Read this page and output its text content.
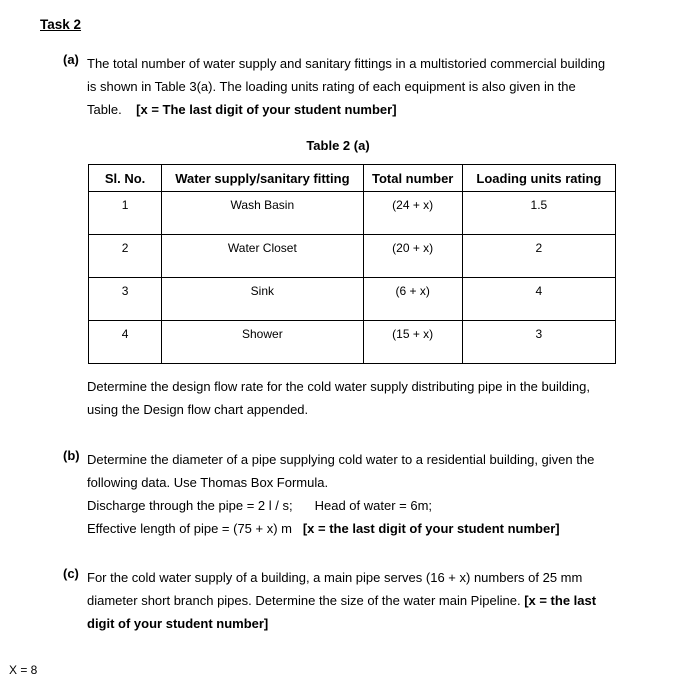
Task 2
(a) The total number of water supply and sanitary fittings in a multistoried commercial building
is shown in Table 3(a). The loading units rating of each equipment is also given in the
Table. [x = The last digit of your student number]
Table 2 (a)
Sl. No.	Water supply/sanitary fitting	Total number	Loading units rating
1	Wash Basin	(24 + x)	1.5
2	Water Closet	(20 + x)	2
3	Sink	(6 + x)	4
4	Shower	(15 + x)	3
Determine the design flow rate for the cold water supply distributing pipe in the building,
using the Design flow chart appended.
(b) Determine the diameter of a pipe supplying cold water to a residential building, given the
following data. Use Thomas Box Formula.
Discharge through the pipe = 2 l / s; Head of water = 6m;
Effective length of pipe = (75 + x) m [x = the last digit of your student number]
(c) For the cold water supply of a building, a main pipe serves (16 + x) numbers of 25 mm
diameter short branch pipes. Determine the size of the water main Pipeline. [x = the last
digit of your student number]
X = 8
